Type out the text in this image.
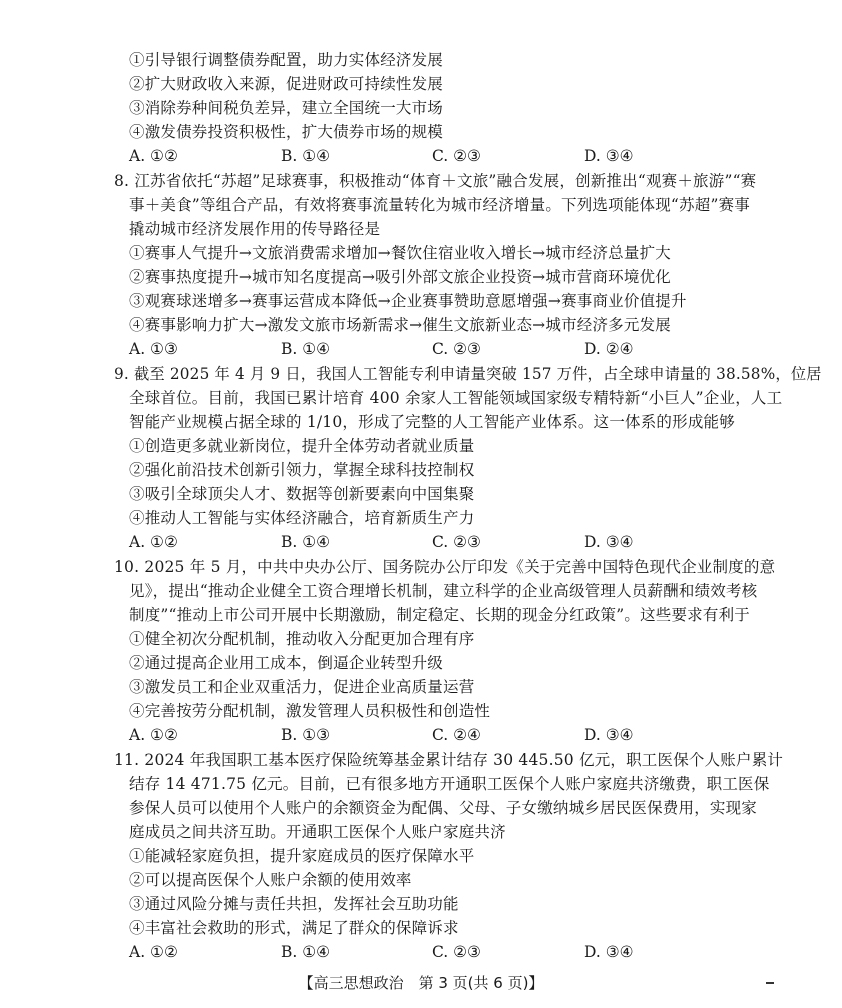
①引导银行调整债券配置，助力实体经济发展
②扩大财政收入来源，促进财政可持续性发展
③消除券种间税负差异，建立全国统一大市场
④激发债券投资积极性，扩大债券市场的规模
A. ①②	B. ①④	C. ②③	D. ③④
8. 江苏省依托“苏超”足球赛事，积极推动“体育＋文旅”融合发展，创新推出“观赛＋旅游”“赛
事＋美食”等组合产品，有效将赛事流量转化为城市经济增量。下列选项能体现“苏超”赛事
撬动城市经济发展作用的传导路径是
①赛事人气提升→文旅消费需求增加→餐饮住宿业收入增长→城市经济总量扩大
②赛事热度提升→城市知名度提高→吸引外部文旅企业投资→城市营商环境优化
③观赛球迷增多→赛事运营成本降低→企业赛事赞助意愿增强→赛事商业价值提升
④赛事影响力扩大→激发文旅市场新需求→催生文旅新业态→城市经济多元发展
A. ①③	B. ①④	C. ②③	D. ②④
9. 截至 2025 年 4 月 9 日，我国人工智能专利申请量突破 157 万件，占全球申请量的 38.58%，位居
全球首位。目前，我国已累计培育 400 余家人工智能领域国家级专精特新“小巨人”企业，人工
智能产业规模占据全球的 1/10，形成了完整的人工智能产业体系。这一体系的形成能够
①创造更多就业新岗位，提升全体劳动者就业质量
②强化前沿技术创新引领力，掌握全球科技控制权
③吸引全球顶尖人才、数据等创新要素向中国集聚
④推动人工智能与实体经济融合，培育新质生产力
A. ①②	B. ①④	C. ②③	D. ③④
10. 2025 年 5 月，中共中央办公厅、国务院办公厅印发《关于完善中国特色现代企业制度的意
见》，提出“推动企业健全工资合理增长机制，建立科学的企业高级管理人员薪酬和绩效考核
制度”“推动上市公司开展中长期激励，制定稳定、长期的现金分红政策”。这些要求有利于
①健全初次分配机制，推动收入分配更加合理有序
②通过提高企业用工成本，倒逼企业转型升级
③激发员工和企业双重活力，促进企业高质量运营
④完善按劳分配机制，激发管理人员积极性和创造性
A. ①②	B. ①③	C. ②④	D. ③④
11. 2024 年我国职工基本医疗保险统筹基金累计结存 30 445.50 亿元，职工医保个人账户累计
结存 14 471.75 亿元。目前，已有很多地方开通职工医保个人账户家庭共济缴费，职工医保
参保人员可以使用个人账户的余额资金为配偶、父母、子女缴纳城乡居民医保费用，实现家
庭成员之间共济互助。开通职工医保个人账户家庭共济
①能减轻家庭负担，提升家庭成员的医疗保障水平
②可以提高医保个人账户余额的使用效率
③通过风险分摊与责任共担，发挥社会互助功能
④丰富社会救助的形式，满足了群众的保障诉求
A. ①②	B. ①④	C. ②③	D. ③④
【高三思想政治　第 3 页(共 6 页)】
